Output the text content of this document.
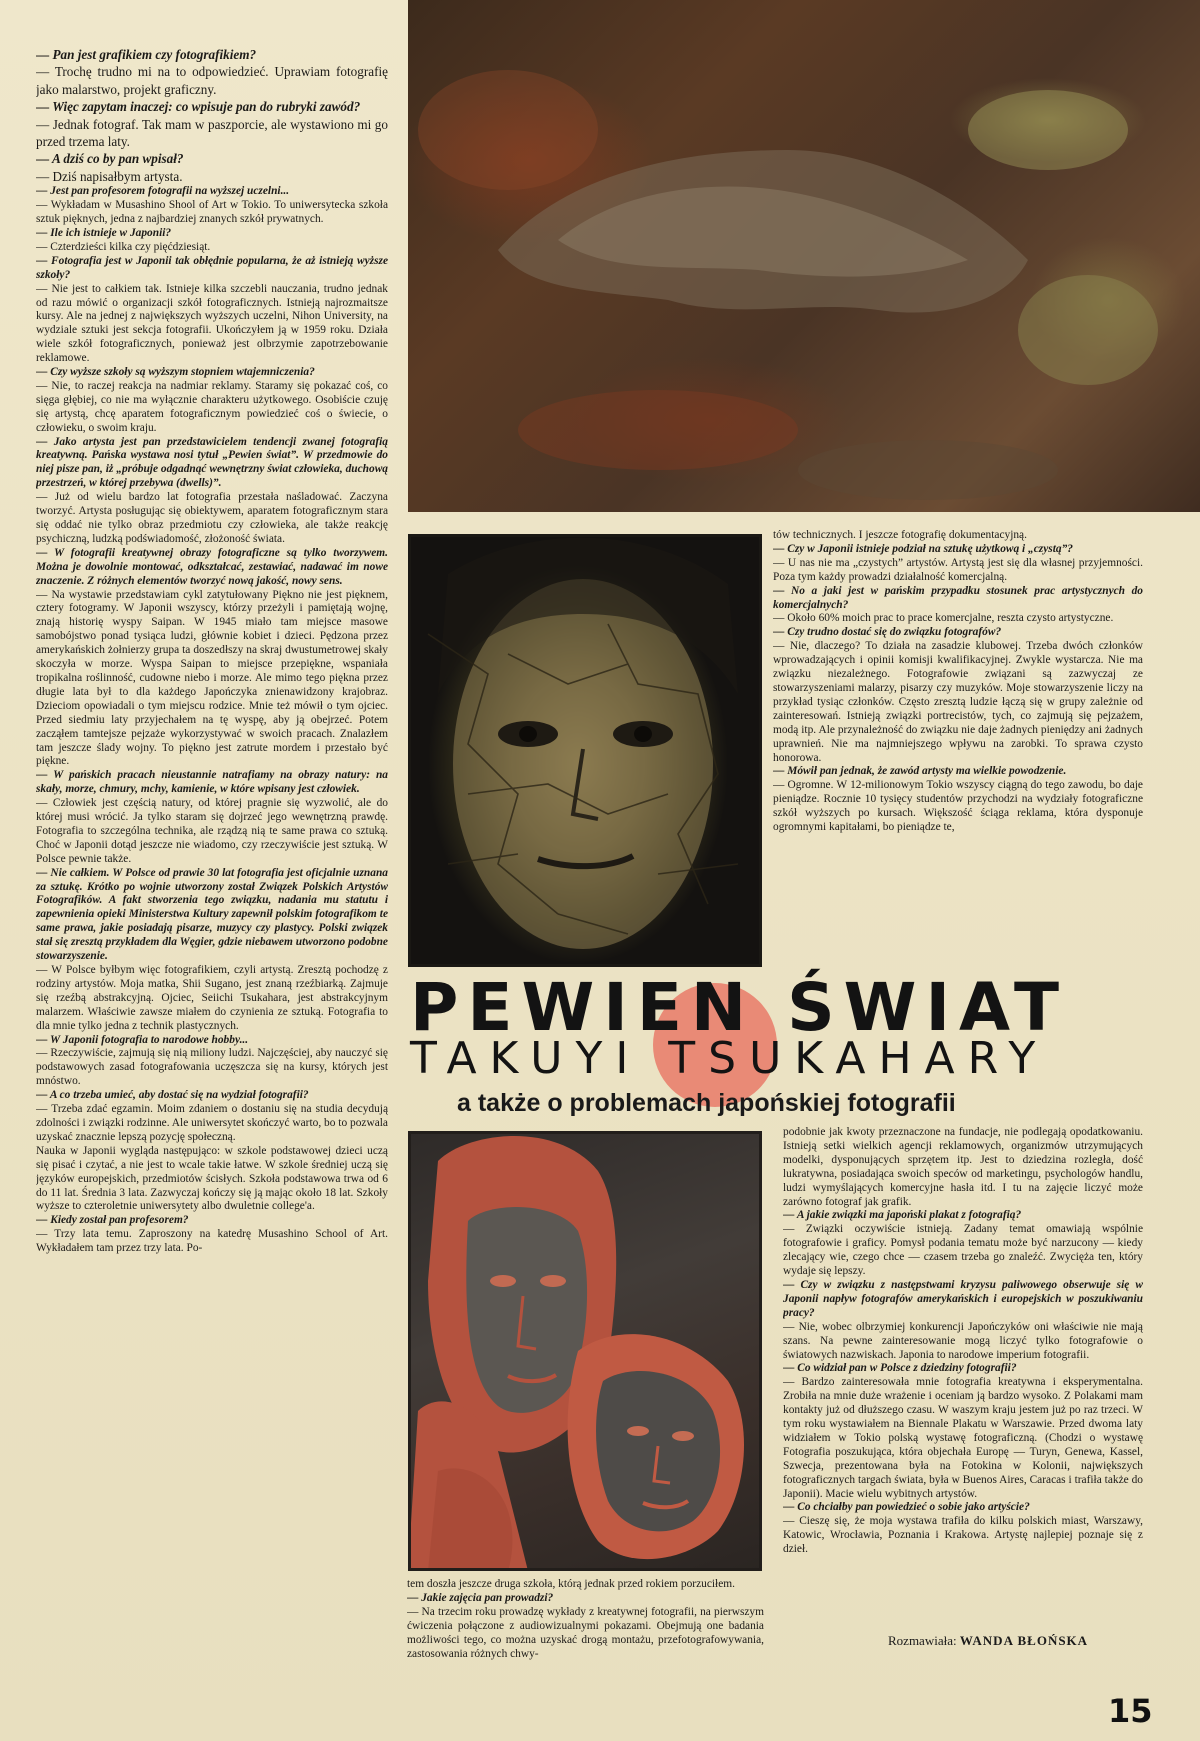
PEWIEN ŚWIAT
TAKUYI TSUKAHARY
a także o problemach japońskiej fotografii

— Pan jest grafikiem czy fotografikiem?

— Trochę trudno mi na to odpowiedzieć. Uprawiam fotografię jako malarstwo, projekt graficzny.

— Więc zapytam inaczej: co wpisuje pan do rubryki zawód?

— Jednak fotograf. Tak mam w paszporcie, ale wystawiono mi go przed trzema laty.

— A dziś co by pan wpisał?

— Dziś napisałbym artysta.

— Jest pan profesorem fotografii na wyższej uczelni...

— Wykładam w Musashino Shool of Art w Tokio. To uniwersytecka szkoła sztuk pięknych, jedna z najbardziej znanych szkół prywatnych.

— Ile ich istnieje w Japonii?

— Czterdzieści kilka czy pięćdziesiąt.

— Fotografia jest w Japonii tak obłędnie popularna, że aż istnieją wyższe szkoły?

— Nie jest to całkiem tak. Istnieje kilka szczebli nauczania, trudno jednak od razu mówić o organizacji szkół fotograficznych. Istnieją najrozmaitsze kursy. Ale na jednej z największych wyższych uczelni, Nihon University, na wydziale sztuki jest sekcja fotografii. Ukończyłem ją w 1959 roku. Działa wiele szkół fotograficznych, ponieważ jest olbrzymie zapotrzebowanie reklamowe.

— Czy wyższe szkoły są wyższym stopniem wtajemniczenia?

— Nie, to raczej reakcja na nadmiar reklamy. Staramy się pokazać coś, co sięga głębiej, co nie ma wyłącznie charakteru użytkowego. Osobiście czuję się artystą, chcę aparatem fotograficznym powiedzieć coś o świecie, o człowieku, o swoim kraju.

— Jako artysta jest pan przedstawicielem tendencji zwanej fotografią kreatywną. Pańska wystawa nosi tytuł „Pewien świat”. W przedmowie do niej pisze pan, iż „próbuje odgadnąć wewnętrzny świat człowieka, duchową przestrzeń, w której przebywa (dwells)”.

— Już od wielu bardzo lat fotografia przestała naśladować. Zaczyna tworzyć. Artysta posługując się obiektywem, aparatem fotograficznym stara się oddać nie tylko obraz przedmiotu czy człowieka, ale także reakcję psychiczną, ludzką podświadomość, złożoność świata.

— W fotografii kreatywnej obrazy fotograficzne są tylko tworzywem. Można je dowolnie montować, odkształcać, zestawiać, nadawać im nowe znaczenie. Z różnych elementów tworzyć nową jakość, nowy sens.

— Na wystawie przedstawiam cykl zatytułowany Piękno nie jest pięknem, cztery fotogramy. W Japonii wszyscy, którzy przeżyli i pamiętają wojnę, znają historię wyspy Saipan. W 1945 miało tam miejsce masowe samobójstwo ponad tysiąca ludzi, głównie kobiet i dzieci. Pędzona przez amerykańskich żołnierzy grupa ta doszedłszy na skraj dwustumetrowej skały skoczyła w morze. Wyspa Saipan to miejsce przepiękne, wspaniała tropikalna roślinność, cudowne niebo i morze. Ale mimo tego piękna przez długie lata był to dla każdego Japończyka znienawidzony krajobraz. Dzieciom opowiadali o tym miejscu rodzice. Mnie też mówił o tym ojciec. Przed siedmiu laty przyjechałem na tę wyspę, aby ją obejrzeć. Potem zacząłem tamtejsze pejzaże wykorzystywać w swoich pracach. Znalazłem tam jeszcze ślady wojny. To piękno jest zatrute mordem i przestało być piękne.

— W pańskich pracach nieustannie natrafiamy na obrazy natury: na skały, morze, chmury, mchy, kamienie, w które wpisany jest człowiek.

— Człowiek jest częścią natury, od której pragnie się wyzwolić, ale do której musi wrócić. Ja tylko staram się dojrzeć jego wewnętrzną prawdę. Fotografia to szczególna technika, ale rządzą nią te same prawa co sztuką. Choć w Japonii dotąd jeszcze nie wiadomo, czy rzeczywiście jest sztuką. W Polsce pewnie także.

— Nie całkiem. W Polsce od prawie 30 lat fotografia jest oficjalnie uznana za sztukę. Krótko po wojnie utworzony został Związek Polskich Artystów Fotografików. A fakt stworzenia tego związku, nadania mu statutu i zapewnienia opieki Ministerstwa Kultury zapewnił polskim fotografikom te same prawa, jakie posiadają pisarze, muzycy czy plastycy. Polski związek stał się zresztą przykładem dla Węgier, gdzie niebawem utworzono podobne stowarzyszenie.

— W Polsce byłbym więc fotografikiem, czyli artystą. Zresztą pochodzę z rodziny artystów. Moja matka, Shii Sugano, jest znaną rzeźbiarką. Zajmuje się rzeźbą abstrakcyjną. Ojciec, Seiichi Tsukahara, jest abstrakcyjnym malarzem. Właściwie zawsze miałem do czynienia ze sztuką. Fotografia to dla mnie tylko jedna z technik plastycznych.

— W Japonii fotografia to narodowe hobby...

— Rzeczywiście, zajmują się nią miliony ludzi. Najczęściej, aby nauczyć się podstawowych zasad fotografowania uczęszcza się na kursy, których jest mnóstwo.

— A co trzeba umieć, aby dostać się na wydział fotografii?

— Trzeba zdać egzamin. Moim zdaniem o dostaniu się na studia decydują zdolności i związki rodzinne. Ale uniwersytet skończyć warto, bo to pozwala uzyskać znacznie lepszą pozycję społeczną.

Nauka w Japonii wygląda następująco: w szkole podstawowej dzieci uczą się pisać i czytać, a nie jest to wcale takie łatwe. W szkole średniej uczą się języków europejskich, przedmiotów ścisłych. Szkoła podstawowa trwa od 6 do 11 lat. Średnia 3 lata. Zazwyczaj kończy się ją mając około 18 lat. Szkoły wyższe to czteroletnie uniwersytety albo dwuletnie college'a.

— Kiedy został pan profesorem?

— Trzy lata temu. Zaproszony na katedrę Musashino School of Art. Wykładałem tam przez trzy lata. Po-

tem doszła jeszcze druga szkoła, którą jednak przed rokiem porzuciłem.

— Jakie zajęcia pan prowadzi?

— Na trzecim roku prowadzę wykłady z kreatywnej fotografii, na pierwszym ćwiczenia połączone z audiowizualnymi pokazami. Obejmują one badania możliwości tego, co można uzyskać drogą montażu, przefotografowywania, zastosowania różnych chwy-

tów technicznych. I jeszcze fotografię dokumentacyjną.

— Czy w Japonii istnieje podział na sztukę użytkową i „czystą”?

— U nas nie ma „czystych” artystów. Artystą jest się dla własnej przyjemności. Poza tym każdy prowadzi działalność komercjalną.

— No a jaki jest w pańskim przypadku stosunek prac artystycznych do komercjalnych?

— Około 60% moich prac to prace komercjalne, reszta czysto artystyczne.

— Czy trudno dostać się do związku fotografów?

— Nie, dlaczego? To działa na zasadzie klubowej. Trzeba dwóch członków wprowadzających i opinii komisji kwalifikacyjnej. Zwykle wystarcza. Nie ma związku niezależnego. Fotografowie związani są zazwyczaj ze stowarzyszeniami malarzy, pisarzy czy muzyków. Moje stowarzyszenie liczy na przykład tysiąc członków. Często zresztą ludzie łączą się w grupy zależnie od zainteresowań. Istnieją związki portrecistów, tych, co zajmują się pejzażem, modą itp. Ale przynależność do związku nie daje żadnych pieniędzy ani żadnych uprawnień. Nie ma najmniejszego wpływu na zarobki. To sprawa czysto honorowa.

— Mówił pan jednak, że zawód artysty ma wielkie powodzenie.

— Ogromne. W 12-milionowym Tokio wszyscy ciągną do tego zawodu, bo daje pieniądze. Rocznie 10 tysięcy studentów przychodzi na wydziały fotograficzne szkół wyższych po kursach. Większość ściąga reklama, która dysponuje ogromnymi kapitałami, bo pieniądze te,

podobnie jak kwoty przeznaczone na fundacje, nie podlegają opodatkowaniu. Istnieją setki wielkich agencji reklamowych, organizmów utrzymujących modelki, dysponujących sprzętem itp. Jest to dziedzina rozległa, dość lukratywna, posiadająca swoich speców od marketingu, psychologów handlu, ludzi wymyślających komercyjne hasła itd. I tu na zajęcie liczyć może zarówno fotograf jak grafik.

— A jakie związki ma japoński plakat z fotografią?

— Związki oczywiście istnieją. Zadany temat omawiają wspólnie fotografowie i graficy. Pomysł podania tematu może być narzucony — kiedy zlecający wie, czego chce — czasem trzeba go znaleźć. Zwycięża ten, który wydaje się lepszy.

— Czy w związku z następstwami kryzysu paliwowego obserwuje się w Japonii napływ fotografów amerykańskich i europejskich w poszukiwaniu pracy?

— Nie, wobec olbrzymiej konkurencji Japończyków oni właściwie nie mają szans. Na pewne zainteresowanie mogą liczyć tylko fotografowie o światowych nazwiskach. Japonia to narodowe imperium fotografii.

— Co widział pan w Polsce z dziedziny fotografii?

— Bardzo zainteresowała mnie fotografia kreatywna i eksperymentalna. Zrobiła na mnie duże wrażenie i oceniam ją bardzo wysoko. Z Polakami mam kontakty już od dłuższego czasu. W waszym kraju jestem już po raz trzeci. W tym roku wystawiałem na Biennale Plakatu w Warszawie. Przed dwoma laty widziałem w Tokio polską wystawę fotograficzną. (Chodzi o wystawę Fotografia poszukująca, która objechała Europę — Turyn, Genewa, Kassel, Szwecja, prezentowana była na Fotokina w Kolonii, największych fotograficznych targach świata, była w Buenos Aires, Caracas i trafiła także do Japonii). Macie wielu wybitnych artystów.

— Co chciałby pan powiedzieć o sobie jako artyście?

— Cieszę się, że moja wystawa trafiła do kilku polskich miast, Warszawy, Katowic, Wrocławia, Poznania i Krakowa. Artystę najlepiej poznaje się z dzieł.

Rozmawiała: WANDA BŁOŃSKA
15
